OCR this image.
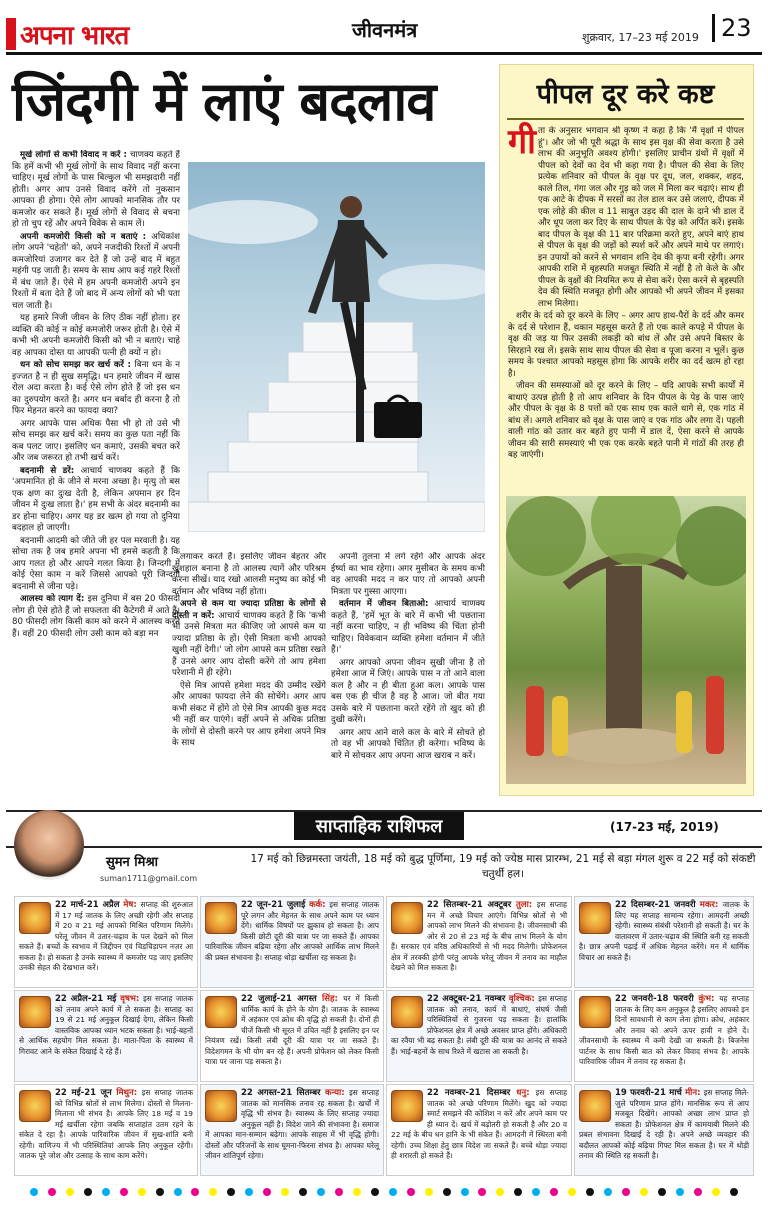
अपना भारत	जीवनमंत्र	शुक्रवार, 17–23 मई 2019 23
जिंदगी में लाएं बदलाव

मूर्ख लोगों से कभी विवाद न करें : चाणक्य कहते हैं कि हमें कभी भी मूर्ख लोगों के साथ विवाद नहीं करना चाहिए। मूर्ख लोगों के पास बिल्कुल भी समझदारी नहीं होती। अगर आप उनसे विवाद करेंगे तो नुकसान आपका ही होगा। ऐसे लोग आपको मानसिक तौर पर कमजोर कर सकते हैं। मूर्ख लोगों से विवाद से बचना हो तो चुप रहें और अपने विवेक से काम लें।

अपनी कमजोरी किसी को न बताएं : अधिकांश लोग अपने 'चहेतों' को, अपने नजदीकी रिश्तों में अपनी कमजोरियां उजागर कर देते हैं जो उन्हें बाद में बहुत महंगी पड़ जाती है। समय के साथ आप कई गहरे रिश्तों में बंध जाते हैं। ऐसे में हम अपनी कमजोरी अपने इन रिश्तों में बता देते हैं जो बाद में अन्य लोगों को भी पता चल जाती है।

यह हमारे निजी जीवन के लिए ठीक नहीं होता। हर व्यक्ति की कोई न कोई कमजोरी जरूर होती है। ऐसे में कभी भी अपनी कमजोरी किसी को भी न बताएं। चाहे वह आपका दोस्त या आपकी पत्नी ही क्यों न हो।

धन को सोच समझ कर खर्च करें : बिना धन के न इज्जत है न ही सुख समृद्धि। धन हमारे जीवन में खास रोल अदा करता है। कई ऐसे लोग होते हैं जो इस धन का दुरुपयोग करते है। अगर धन बर्बाद ही करना है तो फिर मेहनत करने का फायदा क्या?

अगर आपके पास अधिक पैसा भी हो तो उसे भी सोच समझ कर खर्च करें। समय का कुछ पता नहीं कि कब पलट जाए। इसलिए धन कमाएं, उसकी बचत करें और जब जरूरत हो तभी खर्च करें।

बदनामी से डरें: आचार्य चाणक्य कहते हैं कि 'अपमानित हो के जीने से मरना अच्छा है। मृत्यु तो बस एक क्षण का दुःख देती है, लेकिन अपमान हर दिन जीवन में दुःख लाता है।' हम सभी के अंदर बदनामी का डर होना चाहिए। अगर यह डर खत्म हो गया तो दुनिया बदहाल हो जाएगी।

बदनामी आदमी को जीते जी हर पल मरवाती है। यह सोचा तक है जब हमारे अपना भी हमसे कहती है कि आप गलत हो और आपने गलत किया है। जिन्दगी में कोई ऐसा काम न करें जिससे आपको पूरी जिन्दगी बदनामी से जीना पड़े।

आलस्य को त्याग दें: इस दुनिया में बस 20 फीसदी लोग ही ऐसे होते हैं जो सफलता की कैटेगरी में आते हैं। 80 फीसदी लोग किसी काम को करने में आलस्य करते हैं। वहीं 20 फीसदी लोग उसी काम को बड़ा मन

लगाकर करते हैं। इसलिए जीवन बेहतर और खुशहाल बनाना है तो आलस्य त्यागें और परिश्रम करना सीखें। याद रखो आलसी मनुष्य का कोई भी वर्तमान और भविष्य नहीं होता।

अपने से कम या ज्यादा प्रतिष्ठा के लोगों से दोस्ती न करें: आचार्य चाणक्य कहते हैं कि 'कभी भी उनसे मित्रता मत कीजिए जो आपसे कम या ज्यादा प्रतिष्ठा के हों। ऐसी मित्रता कभी आपको खुशी नहीं देगी।' जो लोग आपसे कम प्रतिष्ठा रखते हैं उनसे अगर आप दोस्ती करेंगे तो आप हमेशा परेशानी में ही रहेंगे।

ऐसे मित्र आपसे हमेशा मदद की उम्मीद रखेंगे और आपका फायदा लेने की सोचेंगे। अगर आप कभी संकट में होंगे तो ऐसे मित्र आपकी कुछ मदद भी नहीं कर पाएंगे। वहीं अपने से अधिक प्रतिष्ठा के लोगों से दोस्ती करने पर आप हमेशा अपने मित्र के साथ

अपनी तुलना में लगे रहेंगे और आपके अंदर ईर्ष्या का भाव रहेगा। अगर मुसीबत के समय कभी वह आपकी मदद न कर पाए तो आपको अपनी मित्रता पर गुस्सा आएगा।

वर्तमान में जीवन बिताओ: आचार्य चाणक्य कहते हैं, 'हमें भूत के बारे में कभी भी पछताना नहीं करना चाहिए, न ही भविष्य की चिंता होनी चाहिए। विवेकवान व्यक्ति हमेशा वर्तमान में जीते हैं।'

अगर आपको अपना जीवन सुखी जीना है तो हमेशा आज में जिएं। आपके पास न तो आने वाला कल है और न ही बीता हुआ कल। आपके पास बस एक ही चीज है वह है आज। जो बीत गया उसके बारे में पछताना करते रहेंगे तो खुद को ही दुखी करेंगे।

अगर आप आने वाले कल के बारे में सोचते हो तो वह भी आपको चिंतित ही करेगा। भविष्य के बारे में सोचकर आप अपना आज खराब न करें।

पीपल दूर करे कष्ट
गी ता के अनुसार भगवान श्री कृष्ण ने कहा है कि 'मैं वृक्षों में पीपल हूं'। और जो भी पूरी श्रद्धा के साथ इस वृक्ष की सेवा करता है उसे लाभ की अनुभूति अवश्य होगी।' इसलिए प्राचीन ग्रंथों में वृक्षों में पीपल को देवों का देव भी कहा गया है। पीपल की सेवा के लिए प्रत्येक शनिवार को पीपल के वृक्ष पर दूध, जल, शक्कर, शहद, काले तिल, गंगा जल और गुड़ को जल में मिला कर चढ़ाएं। साथ ही एक आटे के दीपक में सरसों का तेल डाल कर उसे जलाएं, दीपक में एक लोहे की कील व 11 साबुत उड़द की दाल के दाने भी डाल दें और धूप जला कर दिए के साथ पीपल के पेड़ को अर्पित करें। इसके बाद पीपल के वृक्ष की 11 बार परिक्रमा करते हुए, अपने बाएं हाथ से पीपल के वृक्ष की जड़ों को स्पर्श करें और अपने माथे पर लगाएं। इन उपायों को करने से भगवान शनि देव की कृपा बनी रहेगी। अगर आपकी राशि में बृहस्पति मजबूत स्थिति में नहीं है तो केले के और पीपल के वृक्षों की नियमित रूप से सेवा करें। ऐसा करने से बृहस्पति देव की स्थिति मजबूत होगी और आपको भी अपने जीवन में इसका लाभ मिलेगा।

शरीर के दर्द को दूर करने के लिए – अगर आप हाथ-पैरों के दर्द और कमर के दर्द से परेशान हैं, थकान महसूस करते हैं तो एक काले कपड़े में पीपल के वृक्ष की जड़ या फिर उसकी लकड़ी को बांध लें और उसे अपने बिस्तर के सिरहाने रख लें। इसके साथ साथ पीपल की सेवा व पूजा करना न भूलें। कुछ समय के पश्चात आपको महसूस होगा कि आपके शरीर का दर्द खत्म हो रहा है।

जीवन की समस्याओं को दूर करने के लिए – यदि आपके सभी कार्यों में बाधाएं उत्पन्न होती है तो आप शनिवार के दिन पीपल के पेड़ के पास जाएं और पीपल के वृक्ष के 8 पत्तों को एक साथ एक काले धागे से, एक गांठ में बांध लें। अगले शनिवार को वृक्ष के पास जाएं व एक गांठ और लगा दें। पहली वाली गांठ को उतार कर बहते हुए पानी में डाल दें, ऐसा करने से आपके जीवन की सारी समस्याएं भी एक एक करके बहते पानी में गांठों की तरह ही बह जाएंगी।

साप्ताहिक राशिफल	(17-23 मई, 2019)
सुमन मिश्रा
suman1711@gmail.com
17 मई को छिन्नमस्ता जयंती, 18 मई को बुद्ध पूर्णिमा, 19 मई को ज्येष्ठ मास प्रारम्भ, 21 मई से बड़ा मंगल शुरू व 22 मई को संकष्टी चतुर्थी हल।
22 मार्च-21 अप्रैल मेष: सप्ताह की शुरुआत में 17 मई जातक के लिए अच्छी रहेगी और सप्ताह में 20 व 21 मई आपको मिश्रित परिणाम मिलेंगे। घरेलू जीवन में उतार-चढ़ाव के पल देखने को मिल सकते हैं। बच्चों के स्वभाव में जिद्दीपन एवं चिड़चिड़ापन नज़र आ सकता है। हो सकता है उनके स्वास्थ्य में कमजोर पड़ जाए इसलिए उनकी सेहत की देखभाल करें।
22 अप्रैल-21 मई वृषभ: इस सप्ताह जातक को तनाव अपने कार्य में ले सकता है। सप्ताह का 19 से 21 मई अनुकूल दिखाई देगा, लेकिन किसी वास्तविक आपका ध्यान भटक सकता है। भाई-बहनों से आर्थिक सहयोग मिल सकता है। माता-पिता के स्वास्थ्य में गिरावट आने के संकेत दिखाई दे रहे हैं।
22 मई-21 जून मिथुन: इस सप्ताह जातक को विभिन्न स्रोतों से लाभ मिलेगा। दोस्तों से मिलना-मिलाना भी संभव है। आपके लिए 18 मई व 19 मई खर्चीला रहेगा जबकि सप्ताहांत उतम रहने के संकेत दे रहा है। आपके पारिवारिक जीवन में सुख-शांति बनी रहेगी। वाणिज्य में भी परिस्थितियां आपके लिए अनुकूल रहेंगी। जातक पूरे जोश और उत्साह के साथ काम करेंगे।
22 जून-21 जुलाई कर्क: इस सप्ताह जातक पूरे लगन और मेहनत के साथ अपने काम पर ध्यान देंगे। धार्मिक विषयों पर झुकाव हो सकता है। आप किसी छोटी दूरी की यात्रा पर जा सकते हैं। आपका पारिवारिक जीवन बढ़िया रहेगा और आपको आर्थिक लाभ मिलने की प्रबल संभावना है। सप्ताह थोड़ा खर्चीला रह सकता है।
22 जुलाई-21 अगस्त सिंह: घर में किसी धार्मिक कार्य के होने के योग हैं। जातक के स्वास्थ्य में अहंकार एवं क्रोध की वृद्धि हो सकती है। दोनों ही चीजें किसी भी सूरत में उचित नहीं है इसलिए इन पर नियंत्रण रखें। किसी लंबी दूरी की यात्रा पर जा सकते हैं। विदेशगमन के भी योग बन रहे हैं। अपनी प्रोफेशन को लेकर किसी यात्रा पर जाना पड़ सकता है।
22 अगस्त-21 सितम्बर कन्या: इस सप्ताह जातक को मानसिक तनाव रह सकता है। खर्चों में वृद्धि भी संभव है। स्वास्थ्य के लिए सप्ताह ज्यादा अनुकूल नहीं है। विदेश जाने की संभावना है। समाज में आपका मान-सम्मान बढ़ेगा। आपके साहस में भी वृद्धि होगी। दोस्तों और परिजनों के साथ घूमना-फिरना संभव है। आपका घरेलू जीवन शांतिपूर्ण रहेगा।
22 सितम्बर-21 अक्टूबर तुला: इस सप्ताह मन में अच्छे विचार आएंगे। विभिन्न स्रोतों से भी आपको लाभ मिलने की संभावना है। जीवनसाथी की ओर से 20 से 23 मई के बीच लाभ मिलने के योग हैं। सरकार एवं वरिष्ठ अधिकारियों से भी मदद मिलेगी। प्रोफेशनल क्षेत्र में तरक्की होगी परंतु आपके घरेलू जीवन में तनाव का माहौल देखने को मिल सकता है।
22 अक्टूबर-21 नवम्बर वृश्चिक: इस सप्ताह जातक को तनाव, कार्य में बाधाएं, संघर्ष जैसी परिस्थितियों से गुजरना पड़ सकता है। हालांकि प्रोफेशनल क्षेत्र में अच्छे अवसर प्राप्त होंगे। अधिकारी का रवैया भी बढ़ सकता है। लंबी दूरी की यात्रा का आनंद ले सकते हैं। भाई-बहनों के साथ रिश्ते में खटास आ सकती है।
22 नवम्बर-21 दिसम्बर धनु: इस सप्ताह जातक को अच्छे परिणाम मिलेंगे। खुद को ज्यादा स्मार्ट समझने की कोशिश न करें और अपने काम पर ही ध्यान दें। खर्च में बढ़ोतरी हो सकती है और 20 व 22 मई के बीच धन हानि के भी संकेत हैं। आमदनी में स्थिरता बनी रहेगी। उच्च शिक्षा हेतु छात्र विदेश जा सकते हैं। बच्चे थोड़ा ज्यादा ही शरारती हो सकते हैं।
22 दिसम्बर-21 जनवरी मकर: जातक के लिए यह सप्ताह सामान्य रहेगा। आमदनी अच्छी रहेगी। स्वास्थ्य संबंधी परेशानी हो सकती है। घर के वातावरण में उतार-चढ़ाव की स्थिति बनी रह सकती है। छात्र अपनी पढ़ाई में अधिक मेहनत करेंगे। मन में धार्मिक विचार आ सकते हैं।
22 जनवरी-18 फरवरी कुंभ: यह सप्ताह जातक के लिए कम अनुकूल है इसलिए आपको इन दिनों सावधानी से काम लेना होगा। क्रोध, अहंकार और तनाव को अपने ऊपर हावी न होने दें। जीवनसाथी के स्वास्थ्य में कमी देखी जा सकती है। बिजनेस पार्टनर के साथ किसी बात को लेकर विवाद संभव है। आपके पारिवारिक जीवन में तनाव रह सकता है।
19 फरवरी-21 मार्च मीन: इस सप्ताह मिले-जुले परिणाम प्राप्त होंगे। मानसिक रूप से आप मजबूत दिखेंगे। आपको अच्छा लाभ प्राप्त हो सकता है। प्रोफेशनल क्षेत्र में कामयाबी मिलने की प्रबल संभावना दिखाई दे रही है। अपने अच्छे व्यवहार की बदौलत आपको कोई बढ़िया गिफ्ट मिल सकता है। घर में थोड़ी तनाव की स्थिति रह सकती है।
